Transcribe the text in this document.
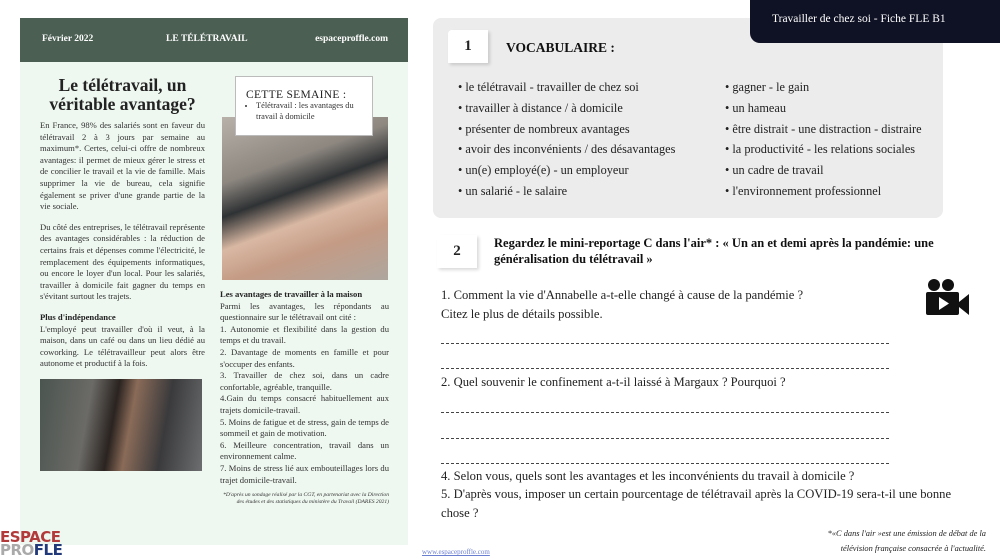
Février 2022	LE TÉLÉTRAVAIL	espaceproffle.com
Le télétravail, un véritable avantage?

En France, 98% des salariés sont en faveur du télétravail 2 à 3 jours par semaine au maximum*. Certes, celui-ci offre de nombreux avantages: il permet de mieux gérer le stress et de concilier le travail et la vie de famille. Mais supprimer la vie de bureau, cela signifie également se priver d'une grande partie de la vie sociale.

Du côté des entreprises, le télétravail représente des avantages considérables : la réduction de certains frais et dépenses comme l'électricité, le remplacement des équipements informatiques, ou encore le loyer d'un local. Pour les salariés, travailler à domicile fait gagner du temps en s'évitant surtout les trajets.

Plus d'indépendance

L'employé peut travailler d'où il veut, à la maison, dans un café ou dans un lieu dédié au coworking. Le télétravailleur peut alors être autonome et productif à la fois.

CETTE SEMAINE :
• Télétravail : les avantages du travail à domicile
Les avantages de travailler à la maison

Parmi les avantages, les répondants au questionnaire sur le télétravail ont cité :

1. Autonomie et flexibilité dans la gestion du temps et du travail.

2. Davantage de moments en famille et pour s'occuper des enfants.

3. Travailler de chez soi, dans un cadre confortable, agréable, tranquille.

4.Gain du temps consacré habituellement aux trajets domicile-travail.

5. Moins de fatigue et de stress, gain de temps de sommeil et gain de motivation.

6. Meilleure concentration, travail dans un environnement calme.

7. Moins de stress lié aux embouteillages lors du trajet domicile-travail.

*D'après un sondage réalisé par la CGT, en partenariat avec la Direction des études et des statistiques du ministère du Travail (DARES 2021)

ESPACE
PROFLE
Travailler de chez soi - Fiche FLE B1
1	VOCABULAIRE :
• le télétravail - travailler de chez soi
• travailler à distance / à domicile
• présenter de nombreux avantages
• avoir des inconvénients / des désavantages
• un(e) employé(e) - un employeur
• un salarié - le salaire
• gagner - le gain
• un hameau
• être distrait - une distraction - distraire
• la productivité - les relations sociales
• un cadre de travail
• l'environnement professionnel
2	Regardez le mini-reportage C dans l'air* : « Un an et demi après la pandémie: une généralisation du télétravail »
1. Comment la vie d'Annabelle a-t-elle changé à cause de la pandémie ?
Citez le plus de détails possible.
2. Quel souvenir le confinement a-t-il laissé à Margaux ? Pourquoi ?
4. Selon vous, quels sont les avantages et les inconvénients du travail à domicile ?
5. D'après vous, imposer un certain pourcentage de télétravail après la COVID-19 sera-t-il une bonne chose ?
*«C dans l'air »est une émission de débat de la
télévision française consacrée à l'actualité.
www.espaceproffle.com
